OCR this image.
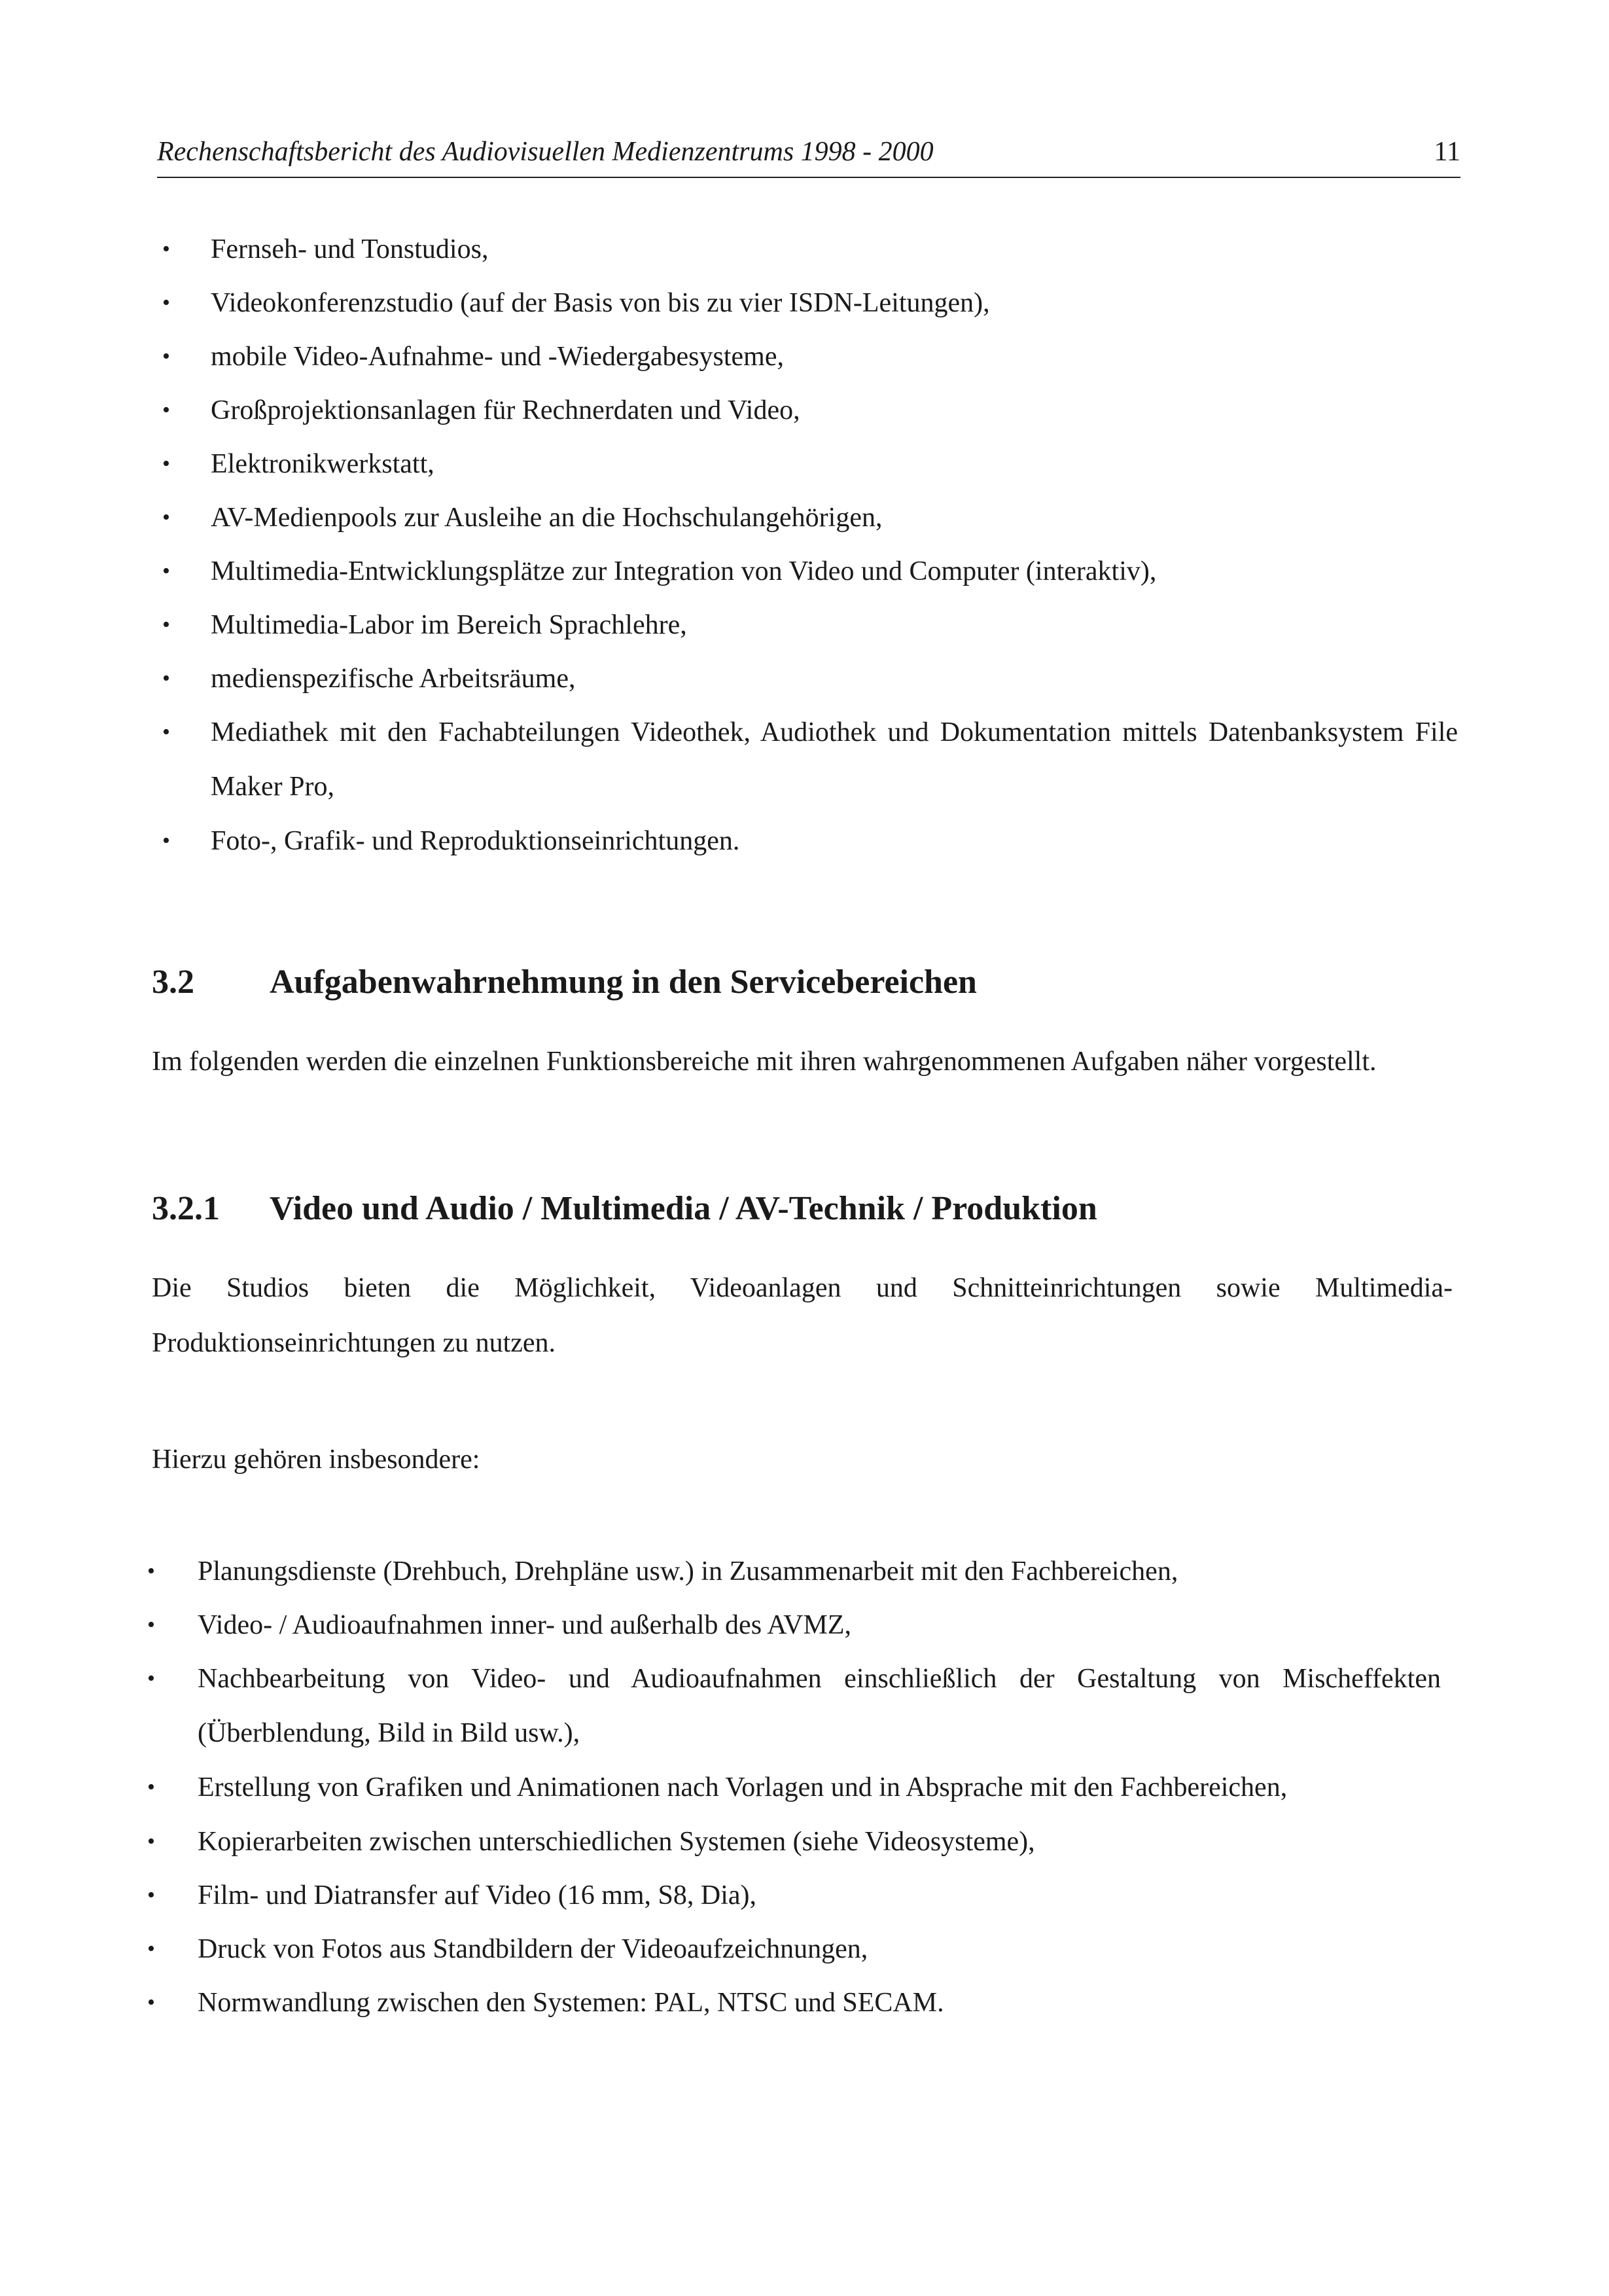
Rechenschaftsbericht des Audiovisuellen Medienzentrums 1998 - 2000	11
• Fernseh- und Tonstudios,
• Videokonferenzstudio (auf der Basis von bis zu vier ISDN-Leitungen),
• mobile Video-Aufnahme- und -Wiedergabesysteme,
• Großprojektionsanlagen für Rechnerdaten und Video,
• Elektronikwerkstatt,
• AV-Medienpools zur Ausleihe an die Hochschulangehörigen,
• Multimedia-Entwicklungsplätze zur Integration von Video und Computer (interaktiv),
• Multimedia-Labor im Bereich Sprachlehre,
• medienspezifische Arbeitsräume,
• Mediathek mit den Fachabteilungen Videothek, Audiothek und Dokumentation mittels Datenbanksystem File Maker Pro,
• Foto-, Grafik- und Reproduktionseinrichtungen.
3.2 Aufgabenwahrnehmung in den Servicebereichen

Im folgenden werden die einzelnen Funktionsbereiche mit ihren wahrgenommenen Aufgaben näher vorgestellt.

3.2.1 Video und Audio / Multimedia / AV-Technik / Produktion

Die Studios bieten die Möglichkeit, Videoanlagen und Schnitteinrichtungen sowie Multimedia-Produktionseinrichtungen zu nutzen.

Hierzu gehören insbesondere:

• Planungsdienste (Drehbuch, Drehpläne usw.) in Zusammenarbeit mit den Fachbereichen,
• Video- / Audioaufnahmen inner- und außerhalb des AVMZ,
• Nachbearbeitung von Video- und Audioaufnahmen einschließlich der Gestaltung von Mischeffekten (Überblendung, Bild in Bild usw.),
• Erstellung von Grafiken und Animationen nach Vorlagen und in Absprache mit den Fachbereichen,
• Kopierarbeiten zwischen unterschiedlichen Systemen (siehe Videosysteme),
• Film- und Diatransfer auf Video (16 mm, S8, Dia),
• Druck von Fotos aus Standbildern der Videoaufzeichnungen,
• Normwandlung zwischen den Systemen: PAL, NTSC und SECAM.
